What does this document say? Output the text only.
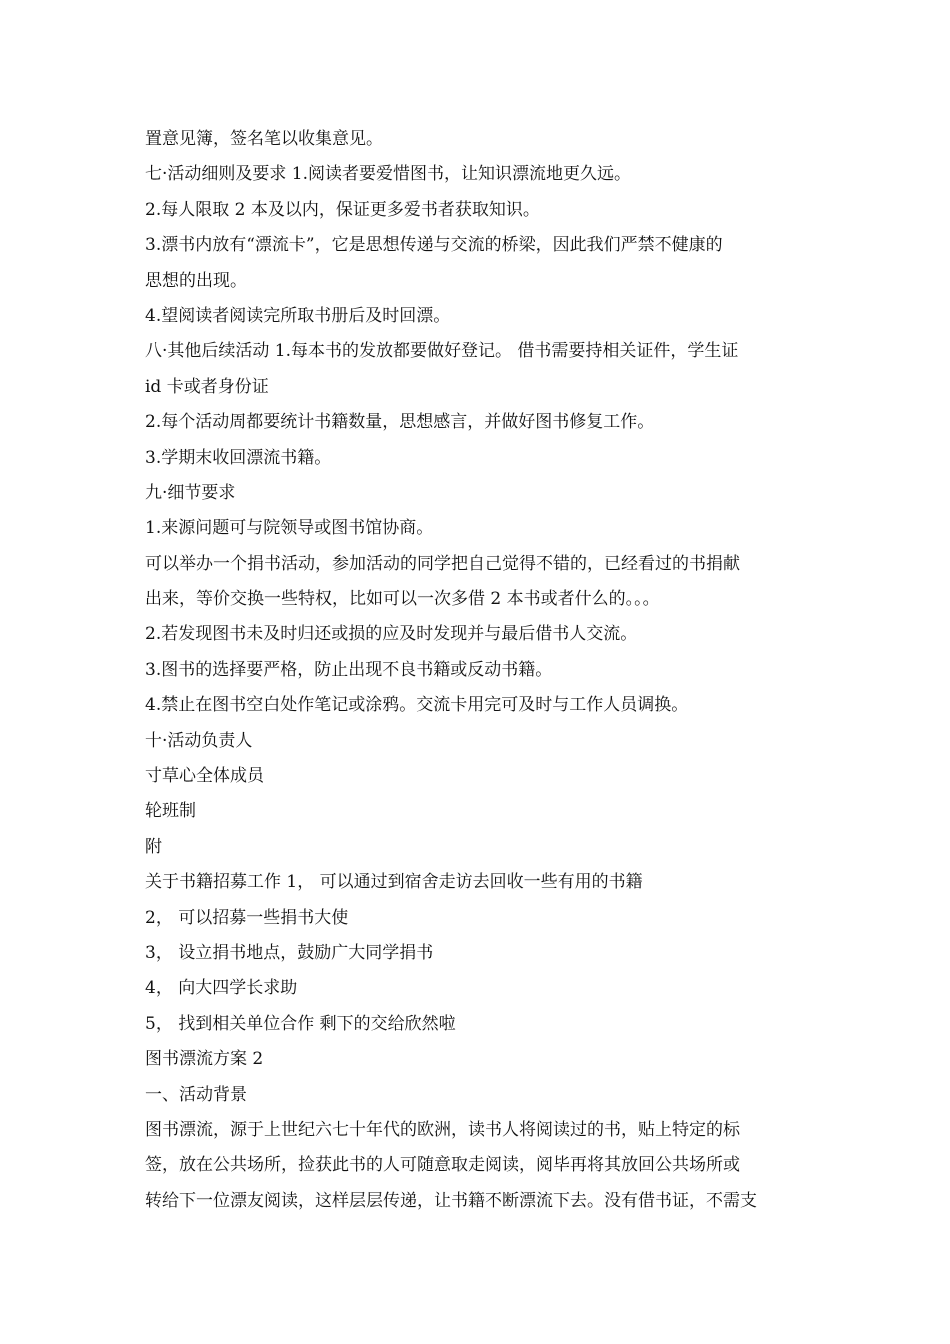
置意见簿，签名笔以收集意见。
七·活动细则及要求 1.阅读者要爱惜图书，让知识漂流地更久远。
2.每人限取 2 本及以内，保证更多爱书者获取知识。
3.漂书内放有“漂流卡”，它是思想传递与交流的桥梁，因此我们严禁不健康的
思想的出现。
4.望阅读者阅读完所取书册后及时回漂。
八·其他后续活动 1.每本书的发放都要做好登记。 借书需要持相关证件，学生证
id 卡或者身份证
2.每个活动周都要统计书籍数量，思想感言，并做好图书修复工作。
3.学期末收回漂流书籍。
九·细节要求
1.来源问题可与院领导或图书馆协商。
可以举办一个捐书活动，参加活动的同学把自己觉得不错的，已经看过的书捐献
出来，等价交换一些特权，比如可以一次多借 2 本书或者什么的。。。
2.若发现图书未及时归还或损的应及时发现并与最后借书人交流。
3.图书的选择要严格，防止出现不良书籍或反动书籍。
4.禁止在图书空白处作笔记或涂鸦。交流卡用完可及时与工作人员调换。
十·活动负责人
寸草心全体成员
轮班制
附
关于书籍招募工作 1， 可以通过到宿舍走访去回收一些有用的书籍
2， 可以招募一些捐书大使
3， 设立捐书地点，鼓励广大同学捐书
4， 向大四学长求助
5， 找到相关单位合作 剩下的交给欣然啦
图书漂流方案 2
一、活动背景
图书漂流，源于上世纪六七十年代的欧洲，读书人将阅读过的书，贴上特定的标
签，放在公共场所，捡获此书的人可随意取走阅读，阅毕再将其放回公共场所或
转给下一位漂友阅读，这样层层传递，让书籍不断漂流下去。没有借书证，不需支
